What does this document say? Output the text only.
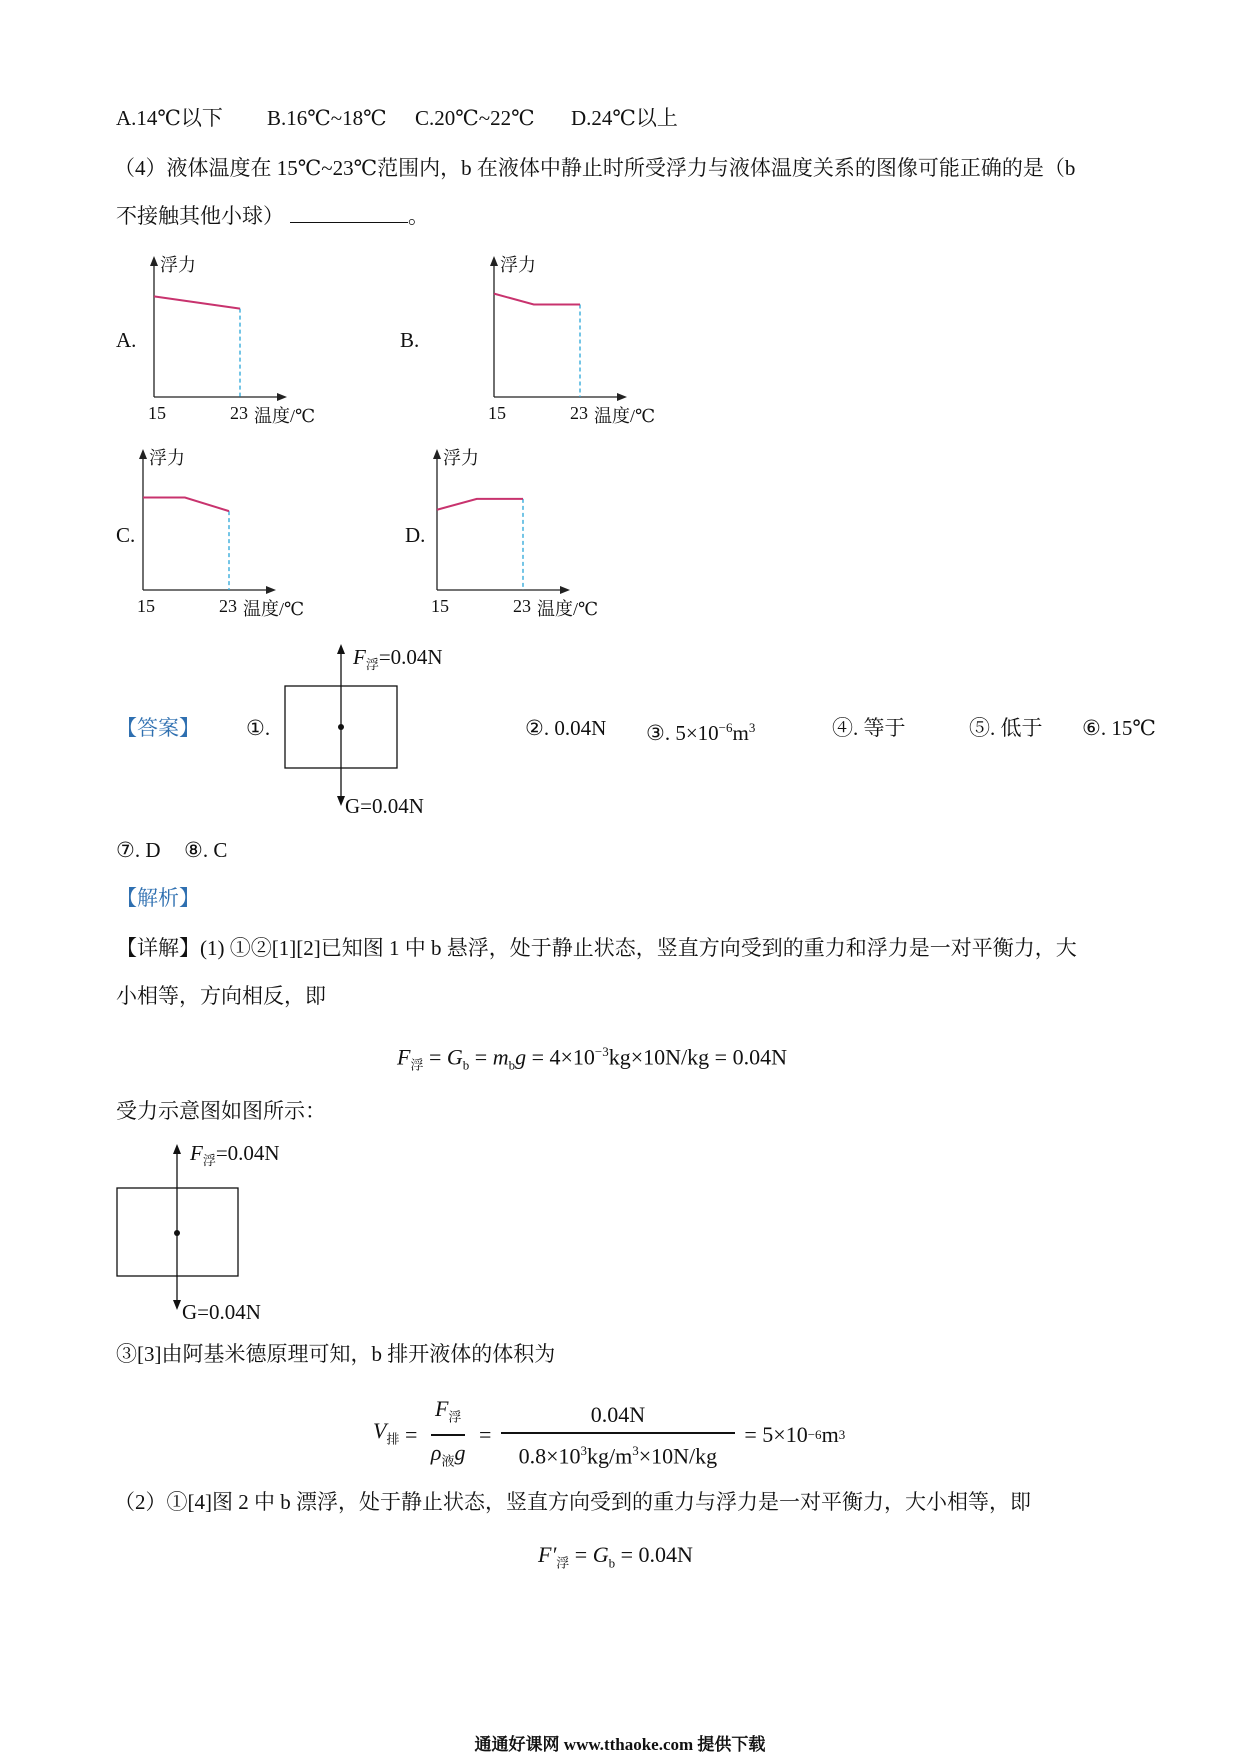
A.14℃以下 B.16℃~18℃ C.20℃~22℃ D.24℃以上
（4）液体温度在 15℃~23℃范围内，b 在液体中静止时所受浮力与液体温度关系的图像可能正确的是（b
不接触其他小球）	。
A.	B.
C.	D.
浮力
15	23 温度/℃
浮力
15	23 温度/℃
浮力
15	23 温度/℃
浮力
15	23 温度/℃
【答案】 ①.
$F_浮=0.04N$
G=0.04N
②. 0.04N ③. $5\times 10^{-6}m^3$	④. 等于	⑤. 低于 ⑥. 15℃
⑦. D ⑧. C
【解析】
【详解】(1) ①②[1][2]已知图 1 中 b 悬浮，处于静止状态，竖直方向受到的重力和浮力是一对平衡力，大
小相等，方向相反，即
$F_浮 = G_b = m_bg = 4\times 10^{-3}kg\times 10N/kg = 0.04N$
受力示意图如图所示：
$F_浮=0.04N$
G=0.04N
③[3]由阿基米德原理可知，b 排开液体的体积为
$V_排 = \frac{F_浮}{\rho_液g} = \frac{0.04N}{0.8\times 10^3kg/m^3\times 10N/kg} = 5\times 10 -6$ m 3
（2）①[4]图 2 中 b 漂浮，处于静止状态，竖直方向受到的重力与浮力是一对平衡力，大小相等，即
$F'_浮 = G_b = 0.04N$
通通好课网 www.tthaoke.com 提供下载
